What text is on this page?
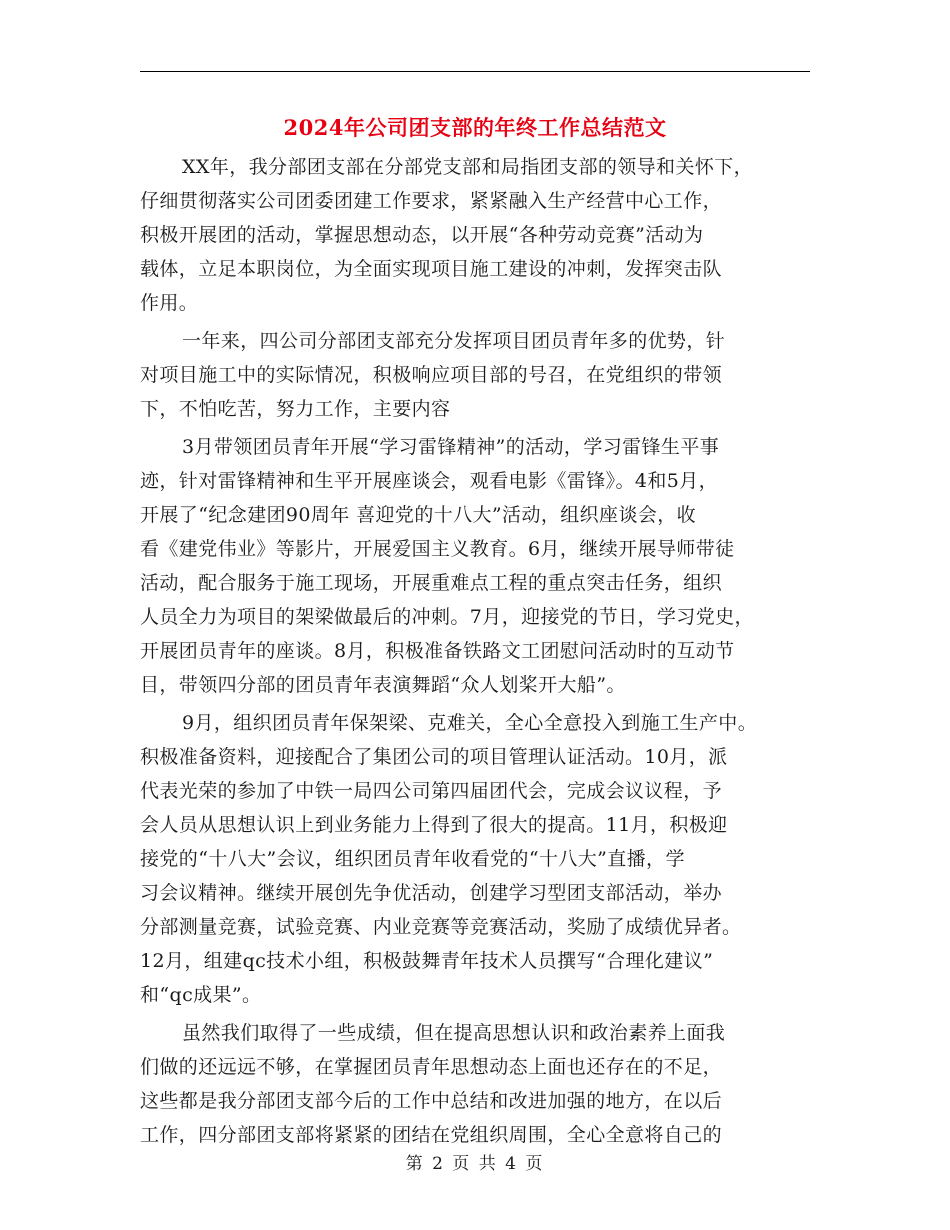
2024年公司团支部的年终工作总结范文

XX年，我分部团支部在分部党支部和局指团支部的领导和关怀下，
仔细贯彻落实公司团委团建工作要求，紧紧融入生产经营中心工作，
积极开展团的活动，掌握思想动态，以开展“各种劳动竞赛”活动为
载体，立足本职岗位，为全面实现项目施工建设的冲刺，发挥突击队
作用。

一年来，四公司分部团支部充分发挥项目团员青年多的优势，针
对项目施工中的实际情况，积极响应项目部的号召，在党组织的带领
下，不怕吃苦，努力工作，主要内容

3月带领团员青年开展“学习雷锋精神”的活动，学习雷锋生平事
迹，针对雷锋精神和生平开展座谈会，观看电影《雷锋》。4和5月，
开展了“纪念建团90周年 喜迎党的十八大”活动，组织座谈会，收
看《建党伟业》等影片，开展爱国主义教育。6月，继续开展导师带徒
活动，配合服务于施工现场，开展重难点工程的重点突击任务，组织
人员全力为项目的架梁做最后的冲刺。7月，迎接党的节日，学习党史，
开展团员青年的座谈。8月，积极准备铁路文工团慰问活动时的互动节
目，带领四分部的团员青年表演舞蹈“众人划桨开大船”。

9月，组织团员青年保架梁、克难关，全心全意投入到施工生产中。
积极准备资料，迎接配合了集团公司的项目管理认证活动。10月，派
代表光荣的参加了中铁一局四公司第四届团代会，完成会议议程，予
会人员从思想认识上到业务能力上得到了很大的提高。11月，积极迎
接党的“十八大”会议，组织团员青年收看党的“十八大”直播，学
习会议精神。继续开展创先争优活动，创建学习型团支部活动，举办
分部测量竞赛，试验竞赛、内业竞赛等竞赛活动，奖励了成绩优异者。
12月，组建qc技术小组，积极鼓舞青年技术人员撰写“合理化建议”
和“qc成果”。

虽然我们取得了一些成绩，但在提高思想认识和政治素养上面我
们做的还远远不够，在掌握团员青年思想动态上面也还存在的不足，
这些都是我分部团支部今后的工作中总结和改进加强的地方，在以后
工作，四分部团支部将紧紧的团结在党组织周围，全心全意将自己的

第 2 页 共 4 页
